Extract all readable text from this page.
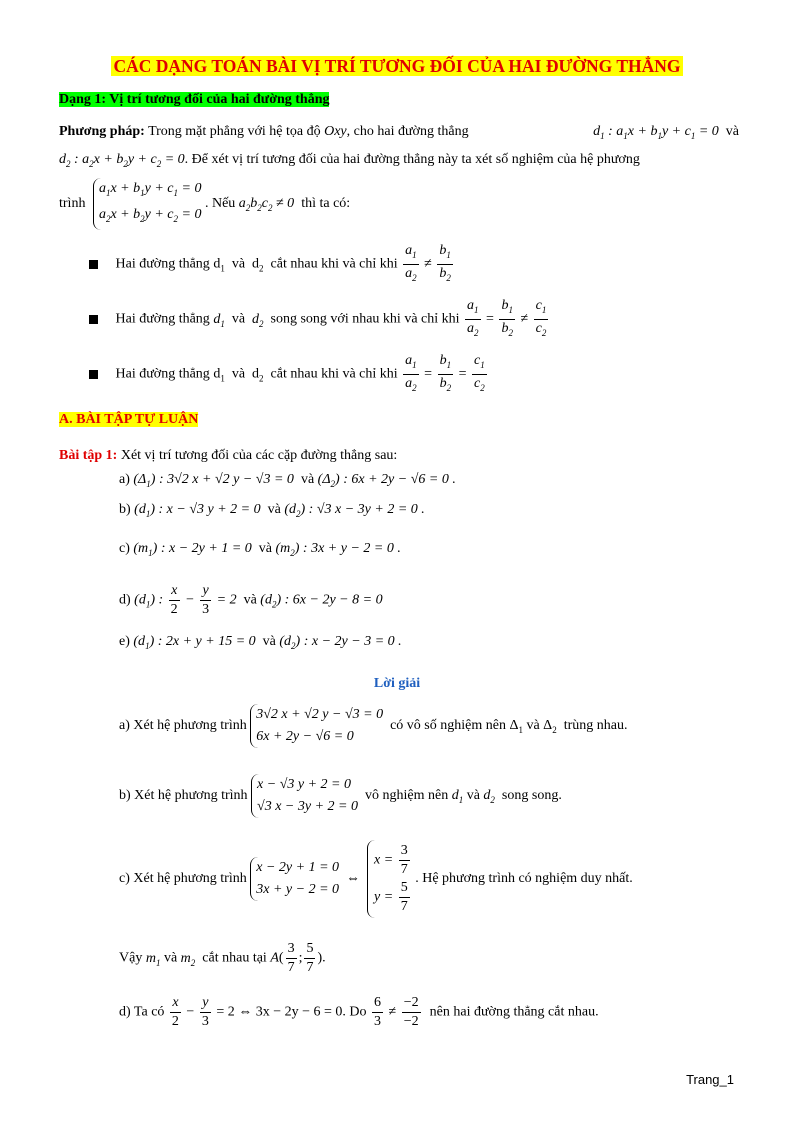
CÁC DẠNG TOÁN BÀI VỊ TRÍ TƯƠNG ĐỐI CỦA HAI ĐƯỜNG THẲNG
Dạng 1: Vị trí tương đối của hai đường thẳng
Phương pháp: Trong mặt phẳng với hệ tọa độ Oxy, cho hai đường thẳng	$d_1$ : $a_1x + b_1y + c_1 = 0$  và
$d_2$ : $a_2x + b_2y + c_2 = 0$. Để xét vị trí tương đối của hai đường thẳng này ta xét số nghiệm của hệ phương
trình $a_1x + b_1y + c_1 = 0$
$a_2x + b_2y + c_2 = 0$ . Nếu $a_2b_2c_2 \ne 0$ thì ta có:
Hai đường thẳng $d_1$  và  $d_2$ cắt nhau khi và chỉ khi $\frac{a_1}{a_2} \ne \frac{b_1}{b_2}$
Hai đường thẳng $d_1$  và  $d_2$ song song với nhau khi và chỉ khi $\frac{a_1}{a_2} = \frac{b_1}{b_2} \ne \frac{c_1}{c_2}$
Hai đường thẳng $d_1$  và  $d_2$ cắt nhau khi và chỉ khi $\frac{a_1}{a_2} = \frac{b_1}{b_2} = \frac{c_1}{c_2}$
A. BÀI TẬP TỰ LUẬN
Bài tập 1: Xét vị trí tương đối của các cặp đường thẳng sau:
a) $(\Delta_1)$ : 3√2 x + √2 y − √3 = 0  và $(\Delta_2)$ : 6x + 2y − √6 = 0 .
b) $(d_1)$ : x − √3 y + 2 = 0  và $(d_2)$ : √3 x − 3y + 2 = 0 .
c) $(m_1)$ : x − 2y + 1 = 0  và $(m_2)$ : 3x + y − 2 = 0 .
d) $(d_1)$ : $\frac{x}{2} - \frac{y}{3} = 2$  và $(d_2)$ : 6x − 2y − 8 = 0
e) $(d_1)$ : 2x + y + 15 = 0  và $(d_2)$ : x − 2y − 3 = 0 .
Lời giải
a) Xét hệ phương trình 3√2 x + √2 y − √3 = 0
6x + 2y − √6 = 0  có vô số nghiệm nên $\Delta_1$ và $\Delta_2$ trùng nhau.
b) Xét hệ phương trình x − √3 y + 2 = 0
√3 x − 3y + 2 = 0  vô nghiệm nên $d_1$ và $d_2$ song song.
c) Xét hệ phương trình x − 2y + 1 = 0
3x + y − 2 = 0  ⇔  $x = \frac{3}{7}$

$y = \frac{5}{7}$
. Hệ phương trình có nghiệm duy nhất.
Vậy $m_1$ và $m_2$ cắt nhau tại $A( \frac{3}{7}$ ; $\frac{5}{7}$ ).
d) Ta có $\frac{x}{2} - \frac{y}{3} = 2$ ⇔ 3x − 2y − 6 = 0. Do $\frac{6}{3} \ne \frac{-2}{-2}$ nên hai đường thẳng cắt nhau.
Trang_1
